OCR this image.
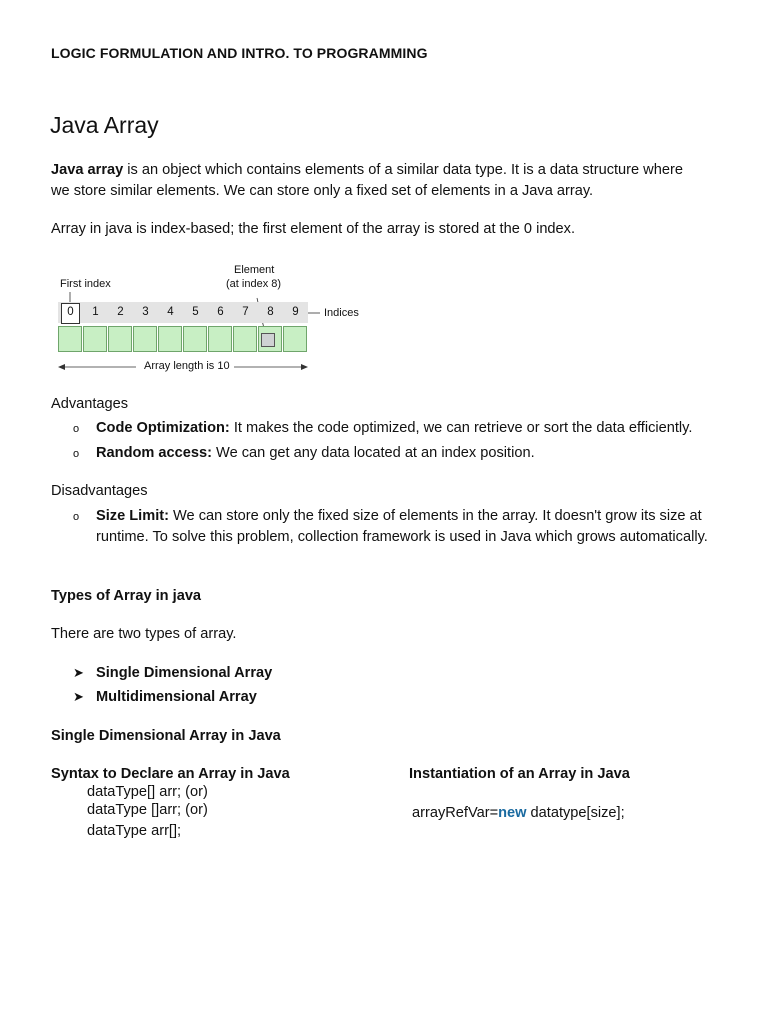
LOGIC FORMULATION AND INTRO. TO PROGRAMMING
Java Array
Java array is an object which contains elements of a similar data type. It is a data structure where
we store similar elements. We can store only a fixed set of elements in a Java array.
Array in java is index-based; the first element of the array is stored at the 0 index.
First index
Element
(at index 8)
Indices
0	1	2	3	4	5	6	7	8	9
Array length is 10
Advantages
o Code Optimization: It makes the code optimized, we can retrieve or sort the data efficiently.
o Random access: We can get any data located at an index position.
Disadvantages
o Size Limit: We can store only the fixed size of elements in the array. It doesn't grow its size at runtime. To solve this problem, collection framework is used in Java which grows automatically.
Types of Array in java
There are two types of array.
➤ Single Dimensional Array
➤ Multidimensional Array
Single Dimensional Array in Java
Syntax to Declare an Array in Java
dataType[] arr; (or)
dataType []arr; (or)
dataType arr[];
Instantiation of an Array in Java
arrayRefVar=new datatype[size];
